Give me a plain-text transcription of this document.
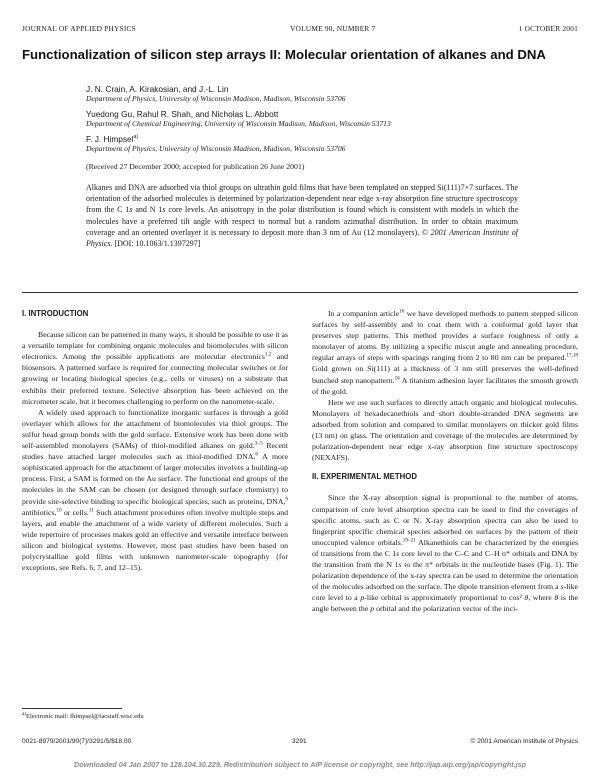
JOURNAL OF APPLIED PHYSICS	VOLUME 90, NUMBER 7	1 OCTOBER 2001
Functionalization of silicon step arrays II: Molecular orientation of alkanes and DNA
J. N. Crain, A. Kirakosian, and J.-L. Lin
Department of Physics, University of Wisconsin Madison, Madison, Wisconsin 53706
Yuedong Gu, Rahul R. Shah, and Nicholas L. Abbott
Department of Chemical Engineering, University of Wisconsin Madison, Madison, Wisconsin 53713
F. J. Himpsel$^{a)}$
Department of Physics, University of Wisconsin Madison, Madison, Wisconsin 53706
(Received 27 December 2000; accepted for publication 26 June 2001)
Alkanes and DNA are adsorbed via thiol groups on ultrathin gold films that have been templated on stepped Si(111)7×7 surfaces. The orientation of the adsorbed molecules is determined by polarization-dependent near edge x-ray absorption fine structure spectroscopy from the C 1s and N 1s core levels. An anisotropy in the polar distribution is found which is consistent with models in which the molecules have a preferred tilt angle with respect to normal but a random azimuthal distribution. In order to obtain maximum coverage and an oriented overlayer it is necessary to deposit more than 3 nm of Au (12 monolayers). © 2001 American Institute of Physics. [DOI: 10.1063/1.1397297]
I. INTRODUCTION

Because silicon can be patterned in many ways, it should be possible to use it as a versatile template for combining organic molecules and biomolecules with silicon electronics. Among the possible applications are molecular electronics$^{1,2}$ and biosensors. A patterned surface is required for connecting molecular switches or for growing or locating biological species (e.g., cells or viruses) on a substrate that exhibits their preferred texture. Selective absorption has been achieved on the micrometer scale, but it becomes challenging to perform on the nanometer-scale.

A widely used approach to functionalize inorganic surfaces is through a gold overlayer which allows for the attachment of biomolecules via thiol groups. The sulfur head group bonds with the gold surface. Extensive work has been done with self-assembled monolayers (SAMs) of thiol-modified alkanes on gold.$^{3-5}$ Recent studies have attached larger molecules such as thiol-modified DNA.$^6$ A more sophisticated approach for the attachment of larger molecules involves a building-up process. First, a SAM is formed on the Au surface. The functional end groups of the molecules in the SAM can be chosen (or designed through surface chemistry) to provide site-selective binding to specific biological species, such as proteins, DNA,$^9$ antibiotics,$^{10}$ or cells.$^{11}$ Such attachment procedures often involve multiple steps and layers, and enable the attachment of a wide variety of different molecules. Such a wide repertoire of processes makes gold an effective and versatile interface between silicon and biological systems. However, most past studies have been based on polycrystalline gold films with unknown nanometer-scale topography (for exceptions, see Refs. 6, 7, and 12–15).

In a companion article$^{16}$ we have developed methods to pattern stepped silicon surfaces by self-assembly and to coat them with a conformal gold layer that preserves step patterns. This method provides a surface roughness of only a monolayer of atoms. By utilizing a specific miscut angle and annealing procedure, regular arrays of steps with spacings ranging from 2 to 80 nm can be prepared.$^{17,18}$ Gold grown on Si(111) at a thickness of 3 nm still preserves the well-defined bunched step nanopattern.$^{16}$ A titanium adhesion layer facilitates the smooth growth of the gold.

Here we use such surfaces to directly attach organic and biological molecules. Monolayers of hexadecanethiols and short double-stranded DNA segments are adsorbed from solution and compared to similar monolayers on thicker gold films (13 nm) on glass. The orientation and coverage of the molecules are determined by polarization-dependent near edge x-ray absorption fine structure spectroscopy (NEXAFS).

II. EXPERIMENTAL METHOD

Since the X-ray absorption signal is proportional to the number of atoms, comparison of core level absorption spectra can be used to find the coverages of specific atoms, such as C or N. X-ray absorption spectra can also be used to fingerprint specific chemical species adsorbed on surfaces by the pattern of their unoccupied valence orbitals.$^{19-21}$ Alkanethiols can be characterized by the energies of transitions from the C 1s core level to the C–C and C–H σ* orbitals and DNA by the transition from the N 1s to the π* orbitals in the nucleotide bases (Fig. 1). The polarization dependence of the x-ray spectra can be used to determine the orientation of the molecules adsorbed on the surface. The dipole transition element from a s-like core level to a p-like orbital is approximately proportional to cos² θ, where θ is the angle between the p orbital and the polarization vector of the inci-

$^{a)}$Electronic mail: fhimpsel@facstaff.wisc.edu
0021-8979/2001/90(7)/3291/5/$18.00	3291	© 2001 American Institute of Physics
Downloaded 04 Jan 2007 to 128.104.30.229. Redistribution subject to AIP license or copyright, see http://jap.aip.org/jap/copyright.jsp
